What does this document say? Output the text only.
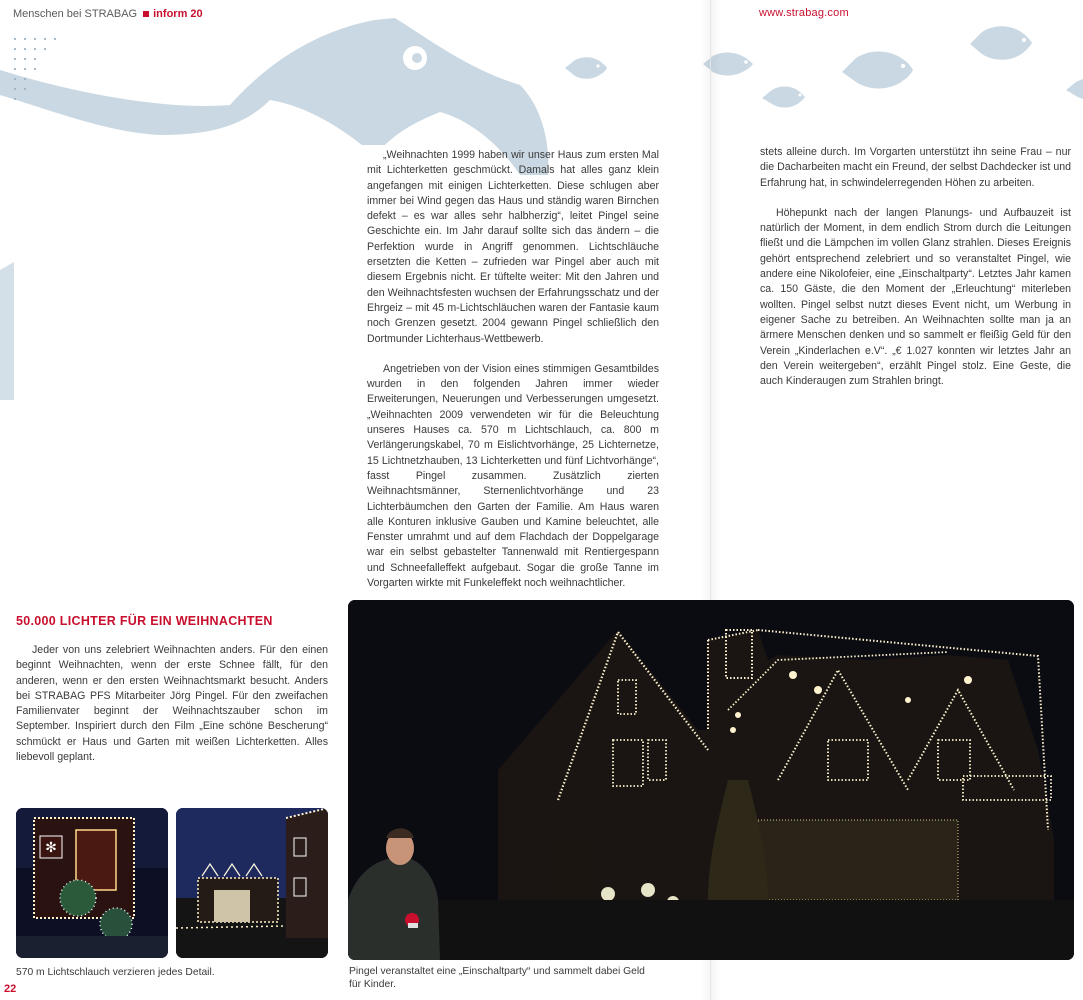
Menschen bei STRABAG inform 20	www.strabag.com

„Weihnachten 1999 haben wir unser Haus zum ersten Mal mit Lichterketten geschmückt. Damals hat alles ganz klein angefangen mit einigen Lichterketten. Diese schlugen aber immer bei Wind gegen das Haus und ständig waren Birnchen defekt – es war alles sehr halbherzig“, leitet Pingel seine Geschichte ein. Im Jahr darauf sollte sich das ändern – die Perfektion wurde in Angriff genommen. Lichtschläuche ersetzten die Ketten – zufrieden war Pingel aber auch mit diesem Ergebnis nicht. Er tüftelte weiter: Mit den Jahren und den Weihnachtsfesten wuchsen der Erfahrungsschatz und der Ehrgeiz – mit 45 m-Lichtschläuchen waren der Fantasie kaum noch Grenzen gesetzt. 2004 gewann Pingel schließlich den Dortmunder Lichterhaus-Wettbewerb.

Angetrieben von der Vision eines stimmigen Gesamtbildes wurden in den folgenden Jahren immer wieder Erweiterungen, Neuerungen und Verbesserungen umgesetzt. „Weihnachten 2009 verwendeten wir für die Beleuchtung unseres Hauses ca. 570 m Lichtschlauch, ca. 800 m Verlängerungskabel, 70 m Eislichtvorhänge, 25 Lichternetze, 15 Lichtnetzhauben, 13 Lichterketten und fünf Lichtvorhänge“, fasst Pingel zusammen. Zusätzlich zierten Weihnachtsmänner, Sternenlichtvorhänge und 23 Lichterbäumchen den Garten der Familie. Am Haus waren alle Konturen inklusive Gauben und Kamine beleuchtet, alle Fenster umrahmt und auf dem Flachdach der Doppelgarage war ein selbst gebastelter Tannenwald mit Rentiergespann und Schneefalleffekt aufgebaut. Sogar die große Tanne im Vorgarten wirkte mit Funkeleffekt noch weihnachtlicher.

stets alleine durch. Im Vorgarten unterstützt ihn seine Frau – nur die Dacharbeiten macht ein Freund, der selbst Dachdecker ist und Erfahrung hat, in schwindelerregenden Höhen zu arbeiten.

Höhepunkt nach der langen Planungs- und Aufbauzeit ist natürlich der Moment, in dem endlich Strom durch die Leitungen fließt und die Lämpchen im vollen Glanz strahlen. Dieses Ereignis gehört entsprechend zelebriert und so veranstaltet Pingel, wie andere eine Nikolofeier, eine „Einschaltparty“. Letztes Jahr kamen ca. 150 Gäste, die den Moment der „Erleuchtung“ miterleben wollten. Pingel selbst nutzt dieses Event nicht, um Werbung in eigener Sache zu betreiben. An Weihnachten sollte man ja an ärmere Menschen denken und so sammelt er fleißig Geld für den Verein „Kinderlachen e.V“. „€ 1.027 konnten wir letztes Jahr an den Verein weitergeben“, erzählt Pingel stolz. Eine Geste, die auch Kinderaugen zum Strahlen bringt.

50.000 LICHTER FÜR EIN WEIHNACHTEN

Jeder von uns zelebriert Weihnachten anders. Für den einen beginnt Weihnachten, wenn der erste Schnee fällt, für den anderen, wenn er den ersten Weihnachtsmarkt besucht. Anders bei STRABAG PFS Mitarbeiter Jörg Pingel. Für den zweifachen Familienvater beginnt der Weihnachtszauber schon im September. Inspiriert durch den Film „Eine schöne Bescherung“ schmückt er Haus und Garten mit weißen Lichterketten. Alles liebevoll geplant.

✻
570 m Lichtschlauch verzieren jedes Detail.	Pingel veranstaltet eine „Einschaltparty“ und sammelt dabei Geld für Kinder.
22
